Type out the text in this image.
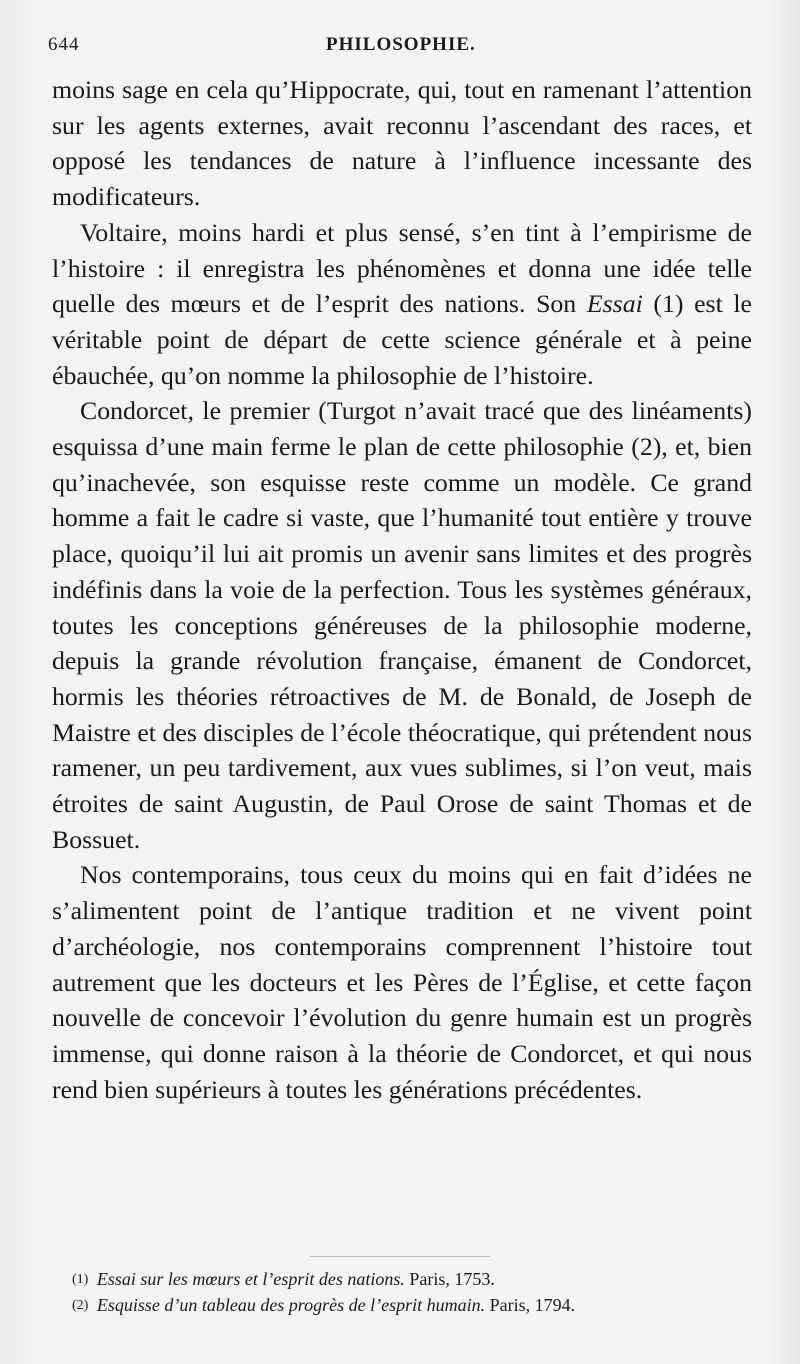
644	PHILOSOPHIE.

moins sage en cela qu’Hippocrate, qui, tout en ramenant l’attention sur les agents externes, avait reconnu l’ascendant des races, et opposé les tendances de nature à l’influence incessante des modificateurs.

Voltaire, moins hardi et plus sensé, s’en tint à l’empirisme de l’histoire : il enregistra les phénomènes et donna une idée telle quelle des mœurs et de l’esprit des nations. Son Essai (1) est le véritable point de départ de cette science générale et à peine ébauchée, qu’on nomme la philosophie de l’histoire.

Condorcet, le premier (Turgot n’avait tracé que des linéaments) esquissa d’une main ferme le plan de cette philosophie (2), et, bien qu’inachevée, son esquisse reste comme un modèle. Ce grand homme a fait le cadre si vaste, que l’humanité tout entière y trouve place, quoiqu’il lui ait promis un avenir sans limites et des progrès indéfinis dans la voie de la perfection. Tous les systèmes généraux, toutes les conceptions généreuses de la philosophie moderne, depuis la grande révolution française, émanent de Condorcet, hormis les théories rétroactives de M. de Bonald, de Joseph de Maistre et des disciples de l’école théocratique, qui prétendent nous ramener, un peu tardivement, aux vues sublimes, si l’on veut, mais étroites de saint Augustin, de Paul Orose de saint Thomas et de Bossuet.

Nos contemporains, tous ceux du moins qui en fait d’idées ne s’alimentent point de l’antique tradition et ne vivent point d’archéologie, nos contemporains comprennent l’histoire tout autrement que les docteurs et les Pères de l’Église, et cette façon nouvelle de concevoir l’évolution du genre humain est un progrès immense, qui donne raison à la théorie de Condorcet, et qui nous rend bien supérieurs à toutes les générations précédentes.

$^{(1)}$ Essai sur les mœurs et l’esprit des nations. Paris, 1753.
$^{(2)}$ Esquisse d’un tableau des progrès de l’esprit humain. Paris, 1794.
